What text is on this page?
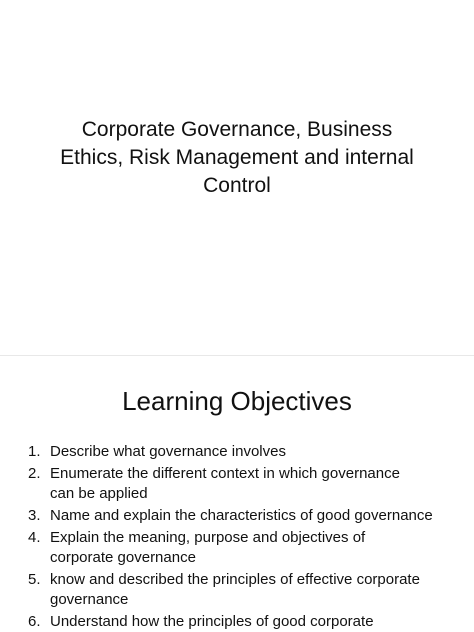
Corporate Governance, Business
Ethics, Risk Management and internal
Control
Learning Objectives
1. Describe what governance involves
2. Enumerate the different context in which governance
can be applied
3. Name and explain the characteristics of good governance
4. Explain the meaning, purpose and objectives of
corporate governance
5. know and described the principles of effective corporate
governance
6. Understand how the principles of good corporate
